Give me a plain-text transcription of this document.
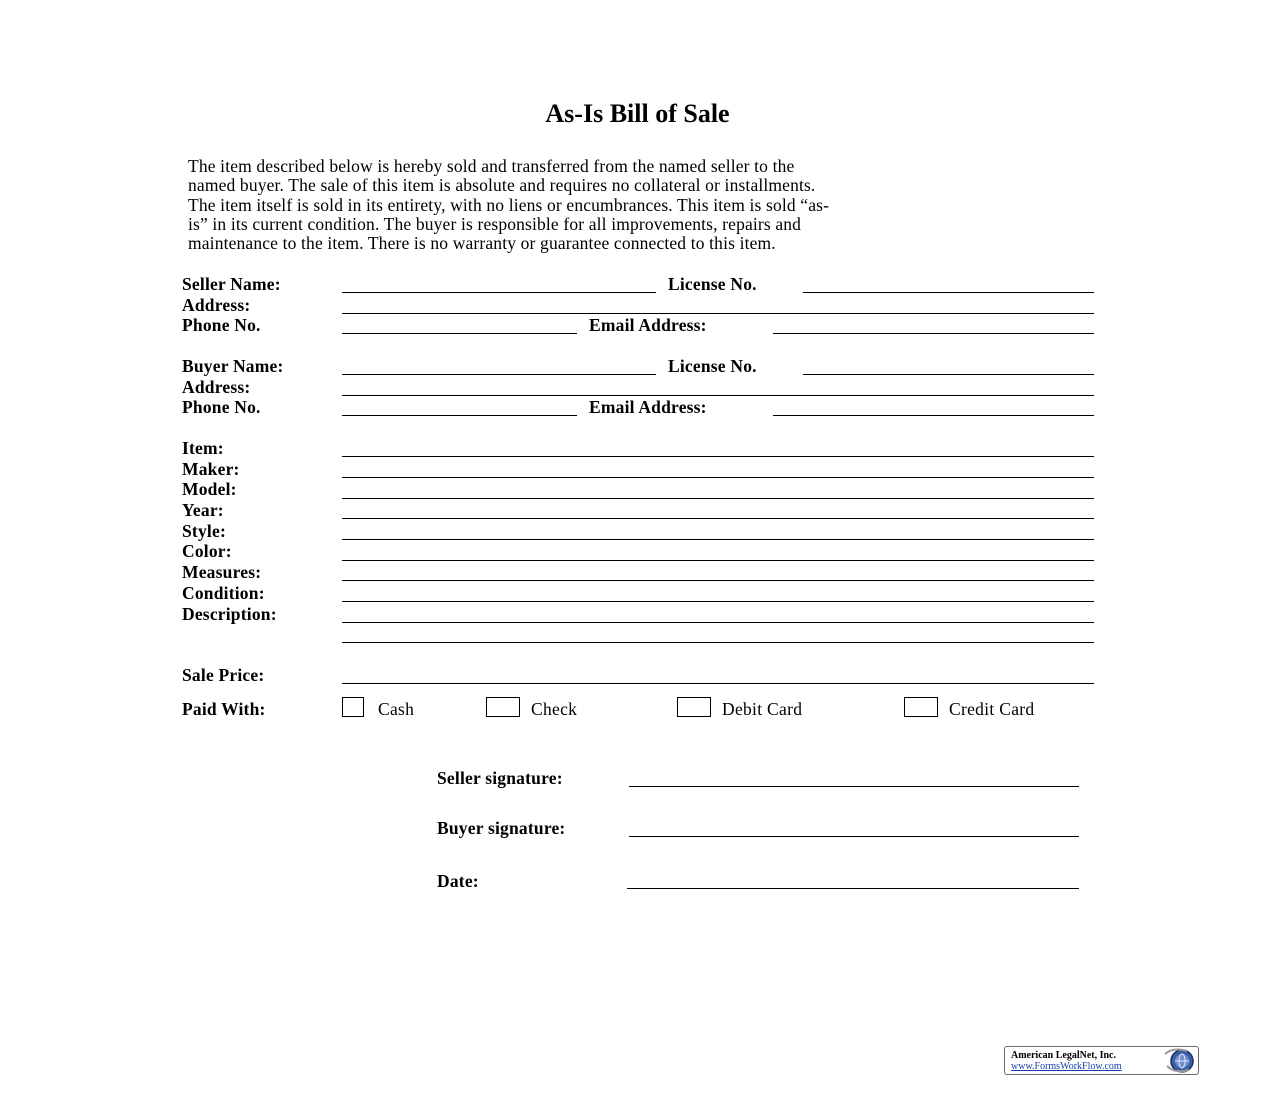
As-Is Bill of Sale
The item described below is hereby sold and transferred from the named seller to the
named buyer. The sale of this item is absolute and requires no collateral or installments.
The item itself is sold in its entirety, with no liens or encumbrances. This item is sold “as-
is” in its current condition. The buyer is responsible for all improvements, repairs and
maintenance to the item. There is no warranty or guarantee connected to this item.
Seller Name:	License No.
Address:
Phone No.	Email Address:
Buyer Name:	License No.
Address:
Phone No.	Email Address:
Item:
Maker:
Model:
Year:
Style:
Color:
Measures:
Condition:
Description:
Sale Price:
Paid With:	Cash	Check	Debit Card	Credit Card
Seller signature:
Buyer signature:
Date:
American LegalNet, Inc.
www.FormsWorkFlow.com
